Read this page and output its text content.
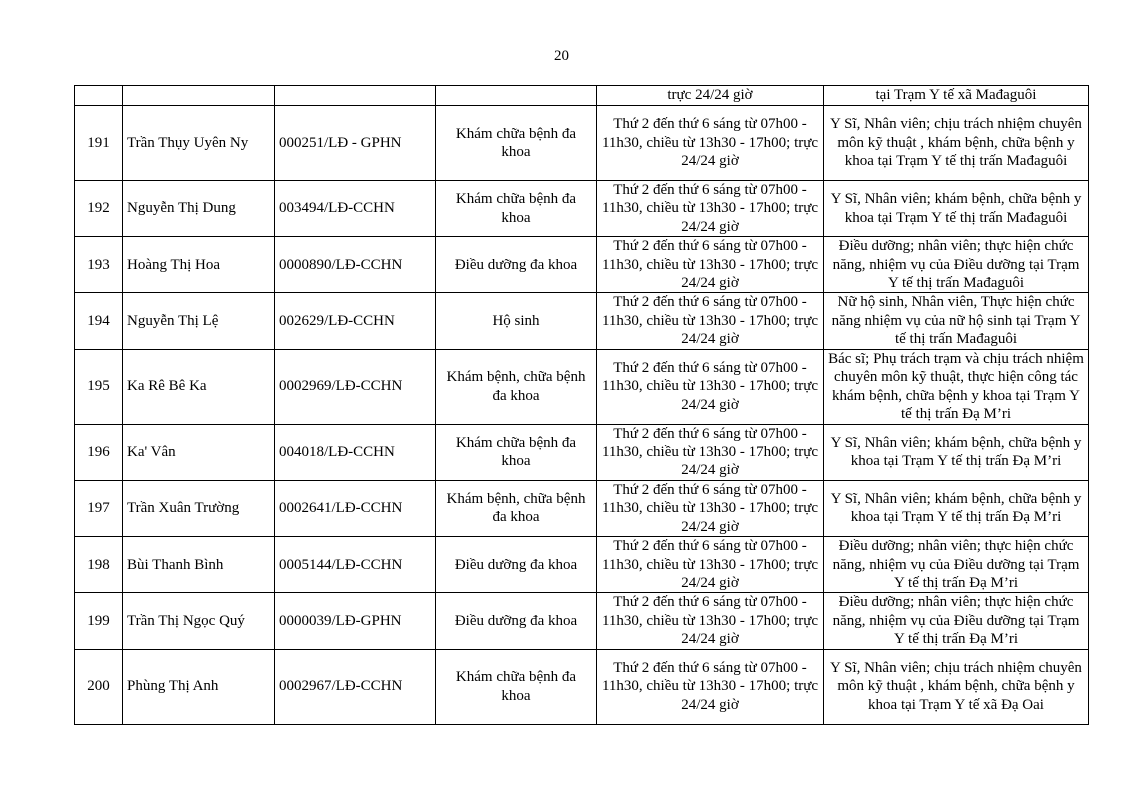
20
				trực 24/24 giờ	tại Trạm Y tế xã Mađaguôi
191	Trần Thụy Uyên Ny	000251/LĐ - GPHN	Khám chữa bệnh đa khoa	Thứ 2 đến thứ 6 sáng từ 07h00 - 11h30, chiều từ 13h30 - 17h00; trực 24/24 giờ	Y Sĩ, Nhân viên; chịu trách nhiệm chuyên môn kỹ thuật , khám bệnh, chữa bệnh y khoa tại Trạm Y tế thị trấn Mađaguôi
192	Nguyễn Thị Dung	003494/LĐ-CCHN	Khám chữa bệnh đa khoa	Thứ 2 đến thứ 6 sáng từ 07h00 - 11h30, chiều từ 13h30 - 17h00; trực 24/24 giờ	Y Sĩ, Nhân viên; khám bệnh, chữa bệnh y khoa tại Trạm Y tế thị trấn Mađaguôi
193	Hoàng Thị Hoa	0000890/LĐ-CCHN	Điều dưỡng đa khoa	Thứ 2 đến thứ 6 sáng từ 07h00 - 11h30, chiều từ 13h30 - 17h00; trực 24/24 giờ	Điều dưỡng; nhân viên; thực hiện chức năng, nhiệm vụ của Điều dưỡng tại Trạm Y tế thị trấn Mađaguôi
194	Nguyễn Thị Lệ	002629/LĐ-CCHN	Hộ sinh	Thứ 2 đến thứ 6 sáng từ 07h00 - 11h30, chiều từ 13h30 - 17h00; trực 24/24 giờ	Nữ hộ sinh, Nhân viên, Thực hiện chức năng nhiệm vụ của nữ hộ sinh tại Trạm Y tế thị trấn Mađaguôi
195	Ka Rê Bê Ka	0002969/LĐ-CCHN	Khám bệnh, chữa bệnh đa khoa	Thứ 2 đến thứ 6 sáng từ 07h00 - 11h30, chiều từ 13h30 - 17h00; trực 24/24 giờ	Bác sĩ; Phụ trách trạm và chịu trách nhiệm chuyên môn kỹ thuật, thực hiện công tác khám bệnh, chữa bệnh y khoa tại Trạm Y tế thị trấn Đạ M’ri
196	Ka' Vân	004018/LĐ-CCHN	Khám chữa bệnh đa khoa	Thứ 2 đến thứ 6 sáng từ 07h00 - 11h30, chiều từ 13h30 - 17h00; trực 24/24 giờ	Y Sĩ, Nhân viên; khám bệnh, chữa bệnh y khoa tại Trạm Y tế thị trấn Đạ M’ri
197	Trần Xuân Trường	0002641/LĐ-CCHN	Khám bệnh, chữa bệnh đa khoa	Thứ 2 đến thứ 6 sáng từ 07h00 - 11h30, chiều từ 13h30 - 17h00; trực 24/24 giờ	Y Sĩ, Nhân viên; khám bệnh, chữa bệnh y khoa tại Trạm Y tế thị trấn Đạ M’ri
198	Bùi Thanh Bình	0005144/LĐ-CCHN	Điều dưỡng đa khoa	Thứ 2 đến thứ 6 sáng từ 07h00 - 11h30, chiều từ 13h30 - 17h00; trực 24/24 giờ	Điều dưỡng; nhân viên; thực hiện chức năng, nhiệm vụ của Điều dưỡng tại Trạm Y tế thị trấn Đạ M’ri
199	Trần Thị Ngọc Quý	0000039/LĐ-GPHN	Điều dưỡng đa khoa	Thứ 2 đến thứ 6 sáng từ 07h00 - 11h30, chiều từ 13h30 - 17h00; trực 24/24 giờ	Điều dưỡng; nhân viên; thực hiện chức năng, nhiệm vụ của Điều dưỡng tại Trạm Y tế thị trấn Đạ M’ri
200	Phùng Thị Anh	0002967/LĐ-CCHN	Khám chữa bệnh đa khoa	Thứ 2 đến thứ 6 sáng từ 07h00 - 11h30, chiều từ 13h30 - 17h00; trực 24/24 giờ	Y Sĩ, Nhân viên; chịu trách nhiệm chuyên môn kỹ thuật , khám bệnh, chữa bệnh y khoa tại Trạm Y tế xã Đạ Oai
